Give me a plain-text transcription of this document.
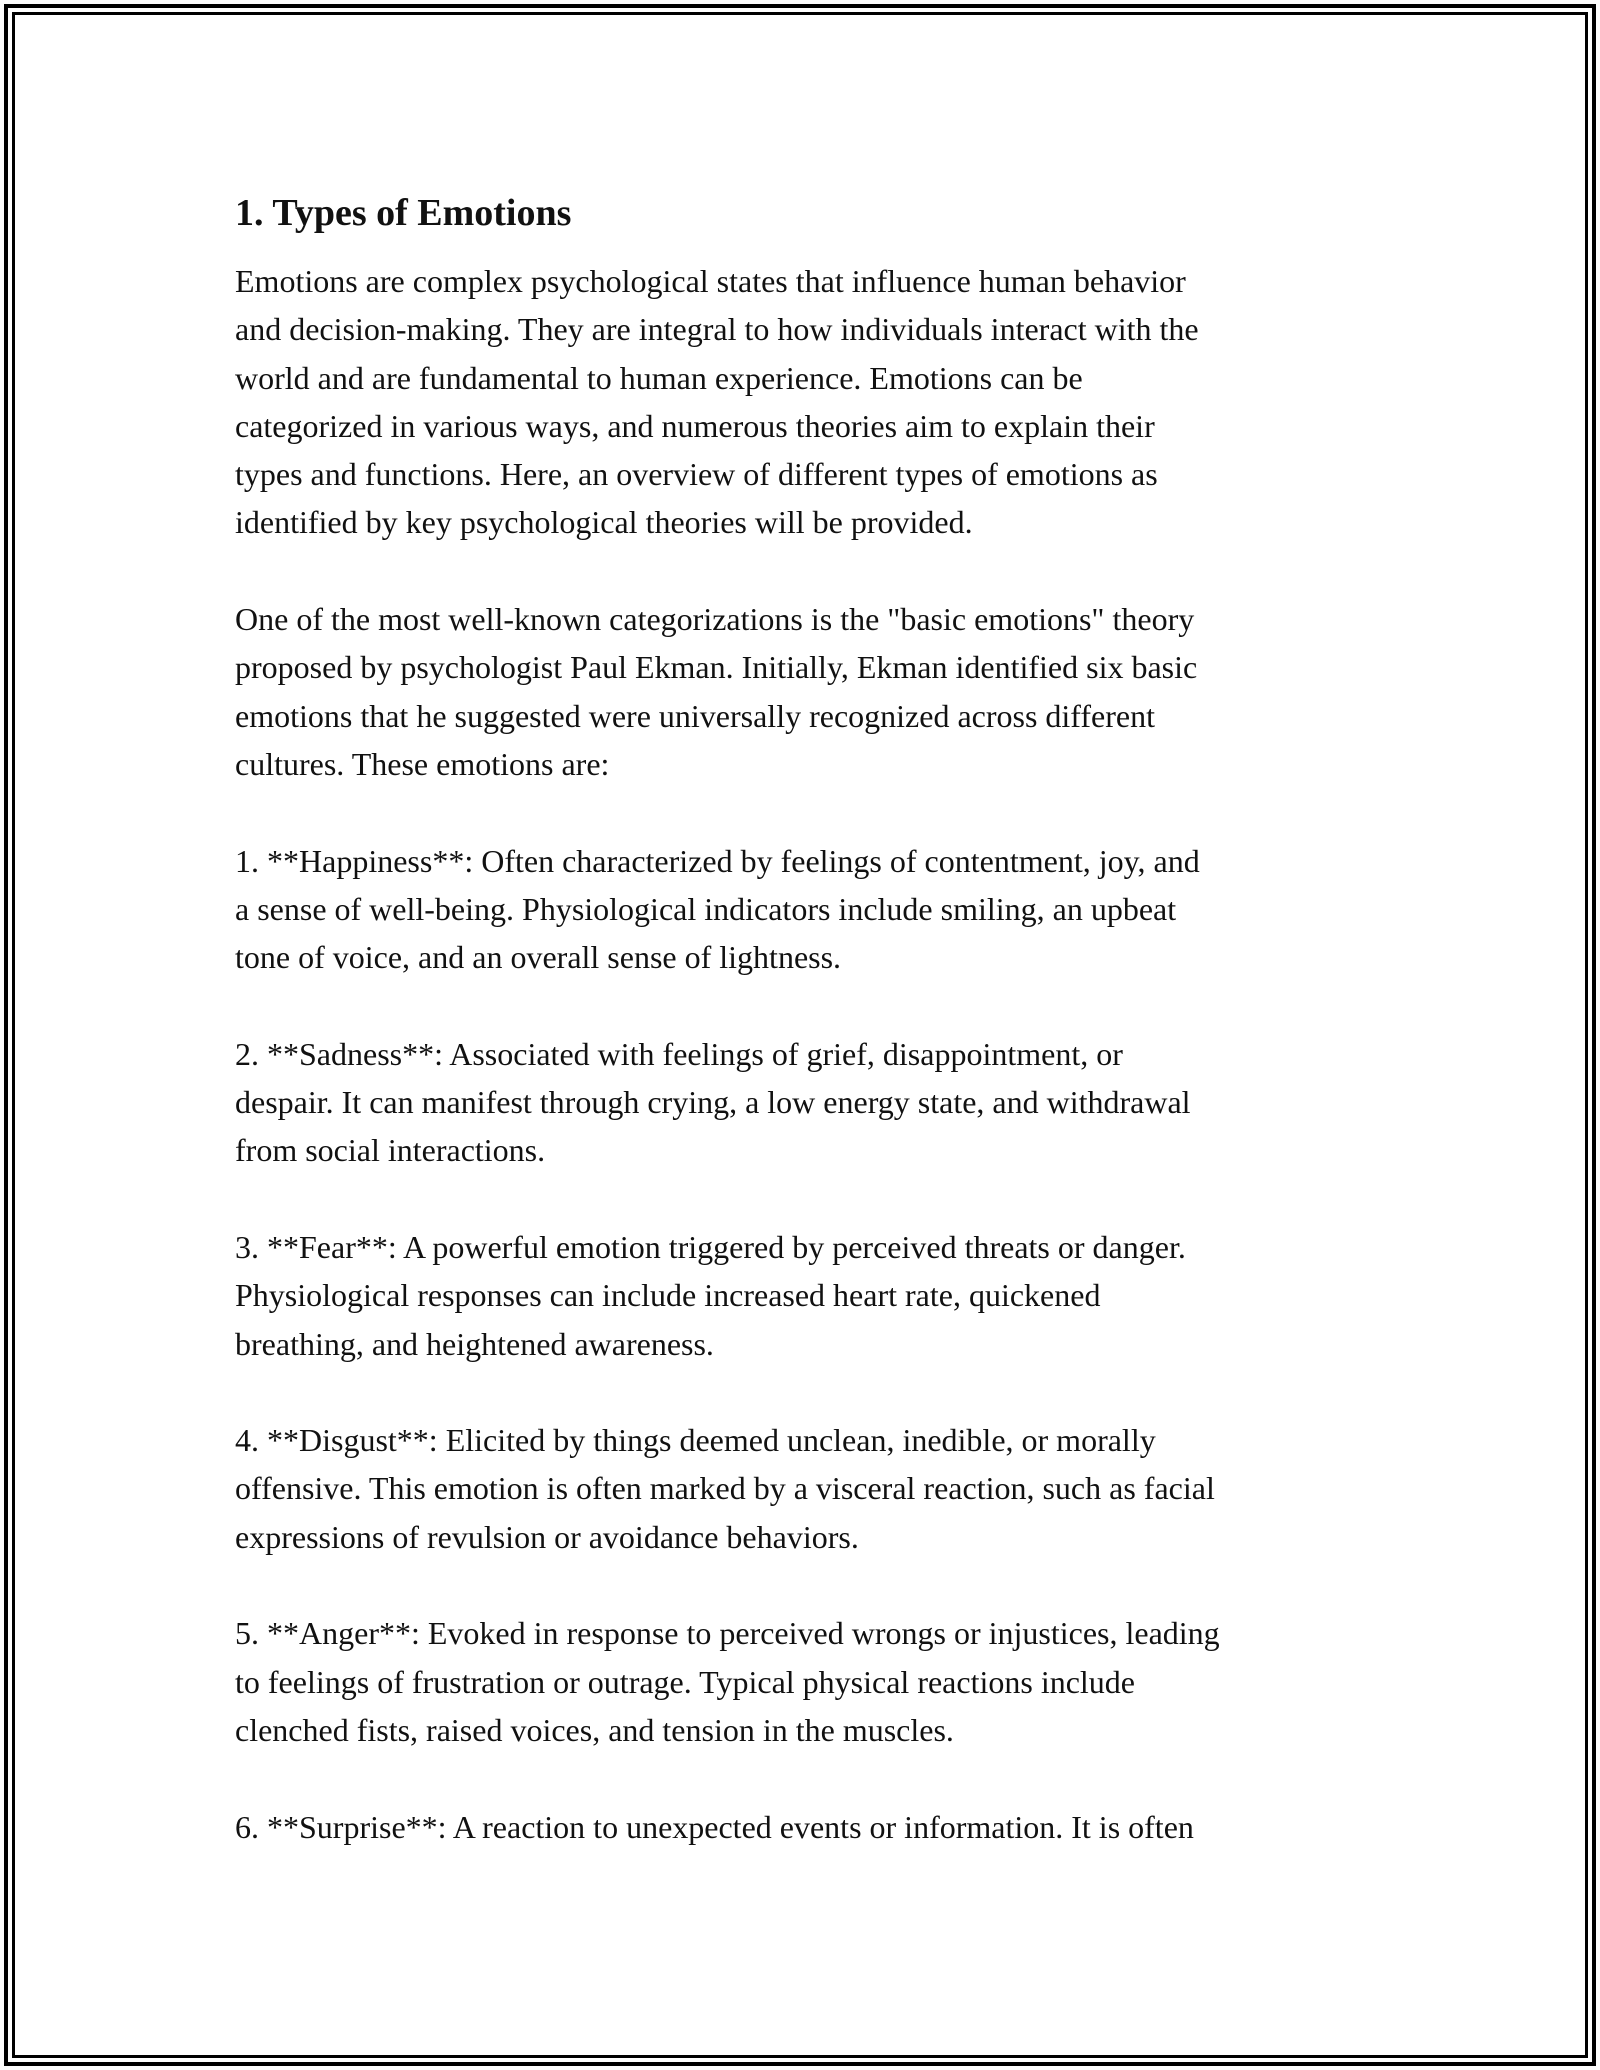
1. Types of Emotions

Emotions are complex psychological states that influence human behavior
and decision-making. They are integral to how individuals interact with the
world and are fundamental to human experience. Emotions can be
categorized in various ways, and numerous theories aim to explain their
types and functions. Here, an overview of different types of emotions as
identified by key psychological theories will be provided.

One of the most well-known categorizations is the "basic emotions" theory
proposed by psychologist Paul Ekman. Initially, Ekman identified six basic
emotions that he suggested were universally recognized across different
cultures. These emotions are:

1. **Happiness**: Often characterized by feelings of contentment, joy, and
a sense of well-being. Physiological indicators include smiling, an upbeat
tone of voice, and an overall sense of lightness.

2. **Sadness**: Associated with feelings of grief, disappointment, or
despair. It can manifest through crying, a low energy state, and withdrawal
from social interactions.

3. **Fear**: A powerful emotion triggered by perceived threats or danger.
Physiological responses can include increased heart rate, quickened
breathing, and heightened awareness.

4. **Disgust**: Elicited by things deemed unclean, inedible, or morally
offensive. This emotion is often marked by a visceral reaction, such as facial
expressions of revulsion or avoidance behaviors.

5. **Anger**: Evoked in response to perceived wrongs or injustices, leading
to feelings of frustration or outrage. Typical physical reactions include
clenched fists, raised voices, and tension in the muscles.

6. **Surprise**: A reaction to unexpected events or information. It is often
